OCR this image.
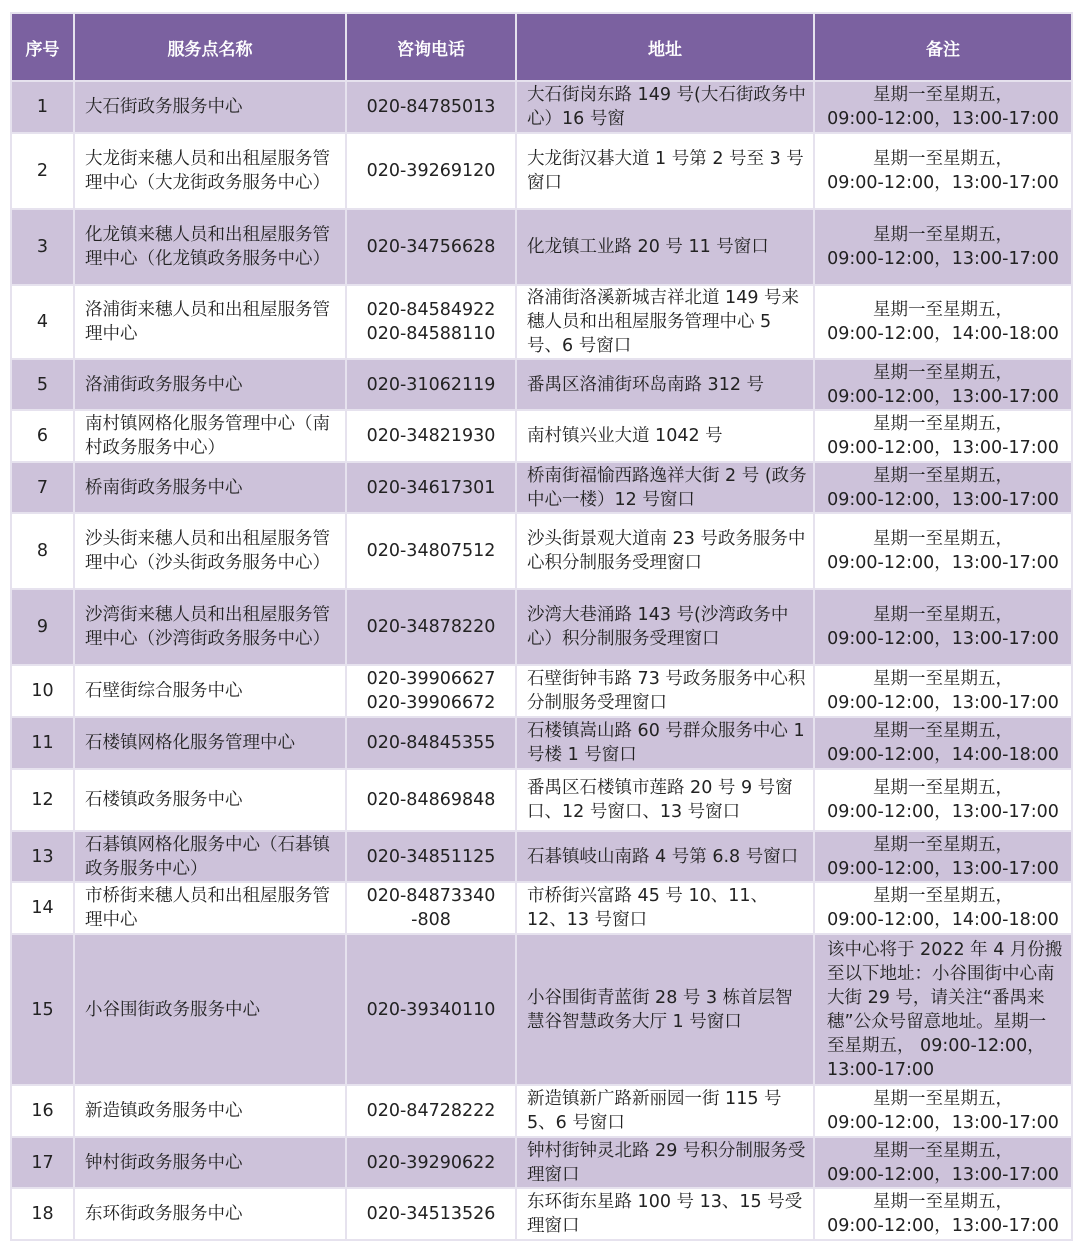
序号	服务点名称	咨询电话	地址	备注
1	大石街政务服务中心	020-84785013	大石街岗东路 149 号(大石街政务中心）16 号窗	星期一至星期五，
09:00-12:00，13:00-17:00

2	大龙街来穗人员和出租屋服务管理中心（大龙街政务服务中心）	020-39269120	大龙街汉碁大道 1 号第 2 号至 3 号窗口	星期一至星期五，
09:00-12:00，13:00-17:00

3	化龙镇来穗人员和出租屋服务管理中心（化龙镇政务服务中心）	020-34756628	化龙镇工业路 20 号 11 号窗口	星期一至星期五，
09:00-12:00，13:00-17:00

4	洛浦街来穗人员和出租屋服务管理中心	020-84584922
020-84588110	洛浦街洛溪新城吉祥北道 149 号来穗人员和出租屋服务管理中心 5 号、6 号窗口	星期一至星期五，
09:00-12:00，14:00-18:00

5	洛浦街政务服务中心	020-31062119	番禺区洛浦街环岛南路 312 号	星期一至星期五，
09:00-12:00，13:00-17:00

6	南村镇网格化服务管理中心（南村政务服务中心）	020-34821930	南村镇兴业大道 1042 号	星期一至星期五，
09:00-12:00，13:00-17:00

7	桥南街政务服务中心	020-34617301	桥南街福愉西路逸祥大街 2 号 (政务中心一楼）12 号窗口	星期一至星期五，
09:00-12:00，13:00-17:00

8	沙头街来穗人员和出租屋服务管理中心（沙头街政务服务中心）	020-34807512	沙头街景观大道南 23 号政务服务中心积分制服务受理窗口	星期一至星期五，
09:00-12:00，13:00-17:00

9	沙湾街来穗人员和出租屋服务管理中心（沙湾街政务服务中心）	020-34878220	沙湾大巷涌路 143 号(沙湾政务中心）积分制服务受理窗口	星期一至星期五，
09:00-12:00，13:00-17:00

10	石壁街综合服务中心	020-39906627
020-39906672	石壁街钟韦路 73 号政务服务中心积分制服务受理窗口	星期一至星期五，
09:00-12:00，13:00-17:00

11	石楼镇网格化服务管理中心	020-84845355	石楼镇嵩山路 60 号群众服务中心 1 号楼 1 号窗口	星期一至星期五，
09:00-12:00，14:00-18:00

12	石楼镇政务服务中心	020-84869848	番禺区石楼镇市莲路 20 号 9 号窗口、12 号窗口、13 号窗口	星期一至星期五，
09:00-12:00，13:00-17:00

13	石碁镇网格化服务中心（石碁镇政务服务中心）	020-34851125	石碁镇岐山南路 4 号第 6.8 号窗口	星期一至星期五，
09:00-12:00，13:00-17:00

14	市桥街来穗人员和出租屋服务管理中心	020-84873340
-808	市桥街兴富路 45 号 10、11、12、13 号窗口	星期一至星期五，
09:00-12:00，14:00-18:00

15	小谷围街政务服务中心	020-39340110	小谷围街青蓝街 28 号 3 栋首层智慧谷智慧政务大厅 1 号窗口	该中心将于 2022 年 4 月份搬至以下地址：小谷围街中心南大街 29 号，请关注“番禺来穗”公众号留意地址。星期一至星期五， 09:00-12:00，13:00-17:00

16	新造镇政务服务中心	020-84728222	新造镇新广路新丽园一街 115 号 5、6 号窗口	星期一至星期五，
09:00-12:00，13:00-17:00

17	钟村街政务服务中心	020-39290622	钟村街钟灵北路 29 号积分制服务受理窗口	星期一至星期五，
09:00-12:00，13:00-17:00

18	东环街政务服务中心	020-34513526	东环街东星路 100 号 13、15 号受理窗口	星期一至星期五，
09:00-12:00，13:00-17:00
